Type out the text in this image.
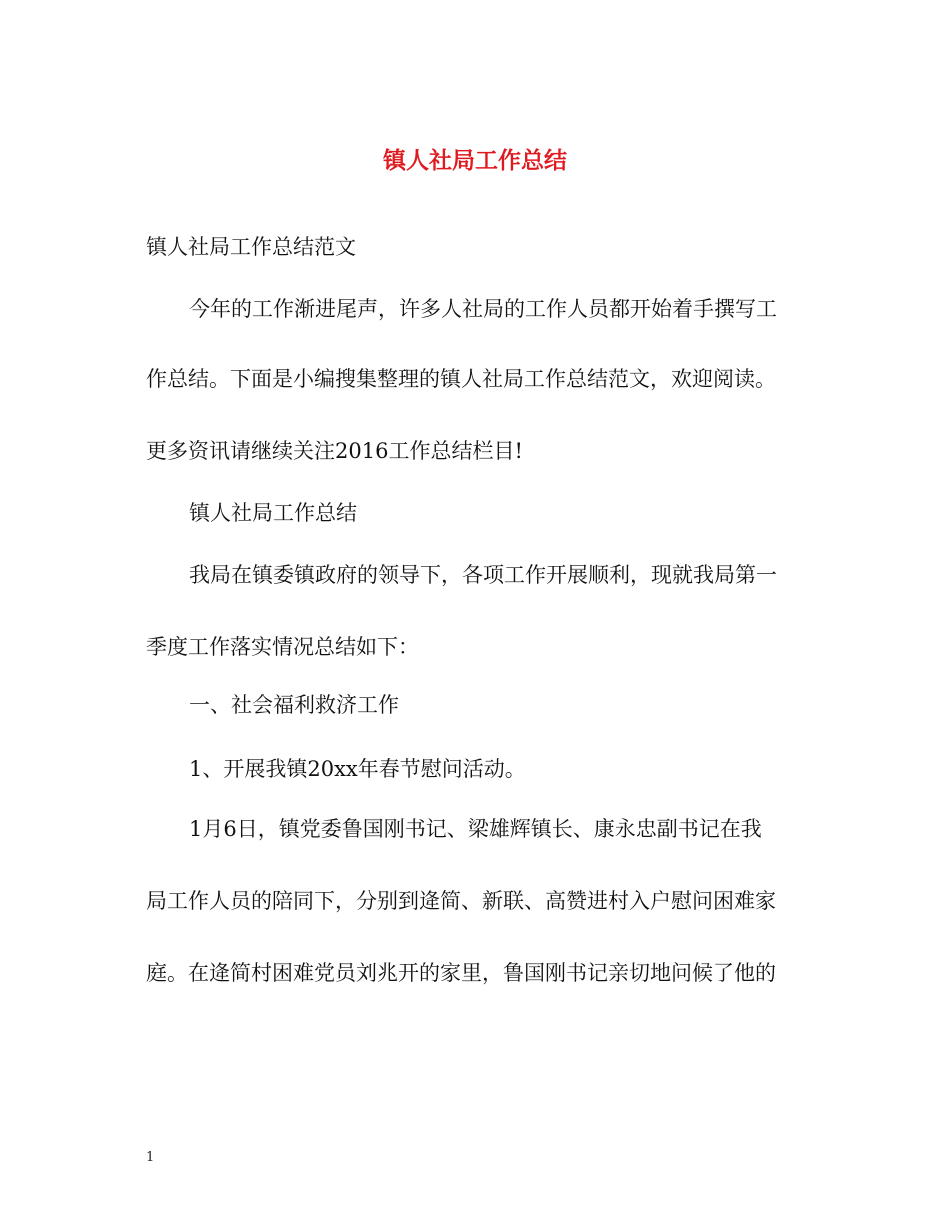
镇人社局工作总结
镇人社局工作总结范文
今年的工作渐进尾声，许多人社局的工作人员都开始着手撰写工
作总结。下面是小编搜集整理的镇人社局工作总结范文，欢迎阅读。
更多资讯请继续关注2016工作总结栏目!
镇人社局工作总结
我局在镇委镇政府的领导下，各项工作开展顺利，现就我局第一
季度工作落实情况总结如下：
一、社会福利救济工作
1、开展我镇20xx年春节慰问活动。
1月6日，镇党委鲁国刚书记、梁雄辉镇长、康永忠副书记在我
局工作人员的陪同下，分别到逄简、新联、高赞进村入户慰问困难家
庭。在逄简村困难党员刘兆开的家里，鲁国刚书记亲切地问候了他的
1
